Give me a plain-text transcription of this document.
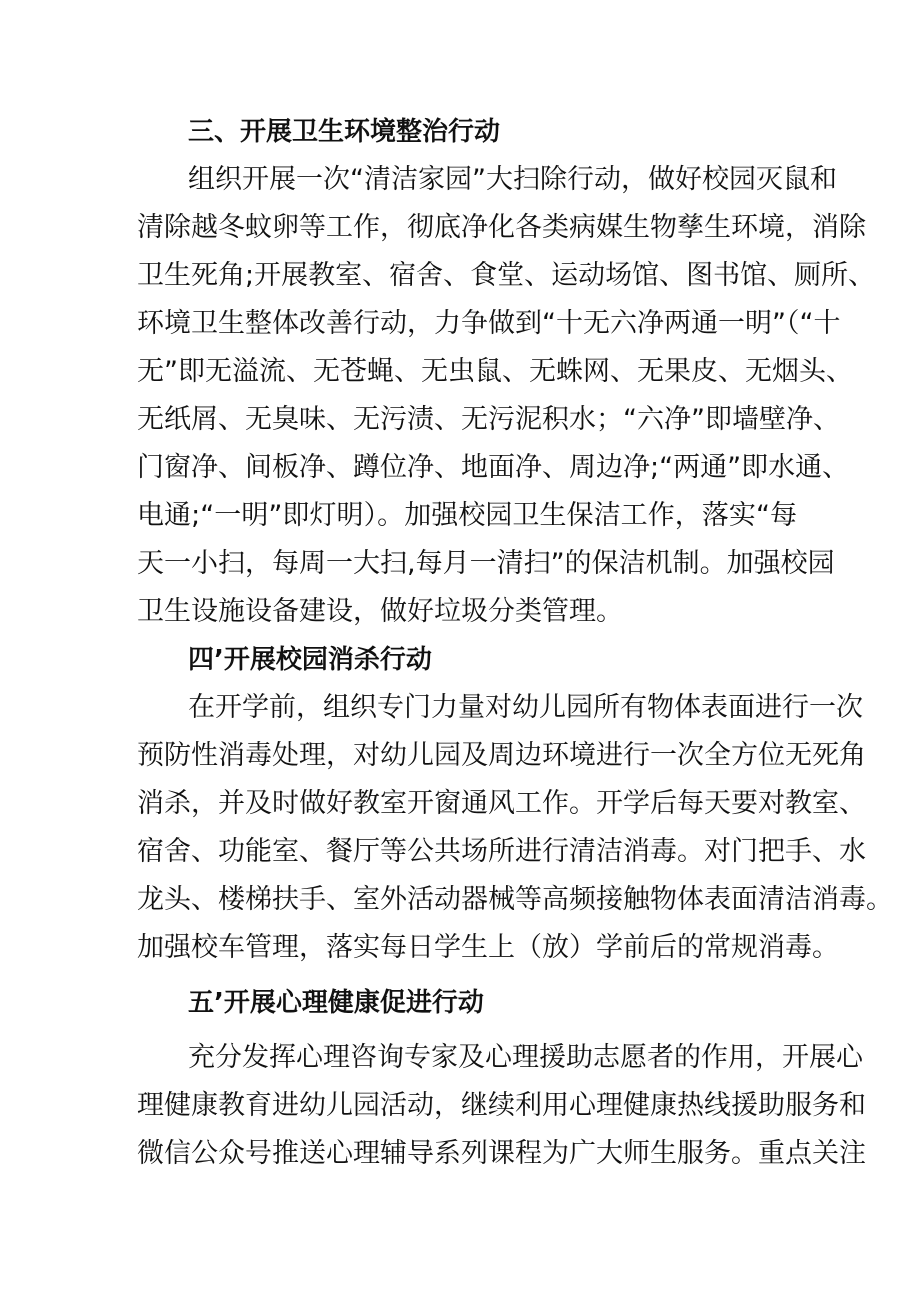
三、开展卫生环境整治行动
组织开展一次“清洁家园”大扫除行动，做好校园灭鼠和
清除越冬蚊卵等工作，彻底净化各类病媒生物孳生环境，消除
卫生死角;开展教室、宿舍、食堂、运动场馆、图书馆、厕所、
环境卫生整体改善行动，力争做到“十无六净两通一明”（“十
无”即无溢流、无苍蝇、无虫鼠、无蛛网、无果皮、无烟头、
无纸屑、无臭味、无污渍、无污泥积水；“六净”即墙壁净、
门窗净、间板净、蹲位净、地面净、周边净;“两通”即水通、
电通;“一明”即灯明）。加强校园卫生保洁工作，落实“每
天一小扫，每周一大扫,每月一清扫”的保洁机制。加强校园
卫生设施设备建设，做好垃圾分类管理。
四’开展校园消杀行动
在开学前，组织专门力量对幼儿园所有物体表面进行一次
预防性消毒处理，对幼儿园及周边环境进行一次全方位无死角
消杀，并及时做好教室开窗通风工作。开学后每天要对教室、
宿舍、功能室、餐厅等公共场所进行清洁消毒。对门把手、水
龙头、楼梯扶手、室外活动器械等高频接触物体表面清洁消毒。
加强校车管理，落实每日学生上（放）学前后的常规消毒。
五’开展心理健康促进行动
充分发挥心理咨询专家及心理援助志愿者的作用，开展心
理健康教育进幼儿园活动，继续利用心理健康热线援助服务和
微信公众号推送心理辅导系列课程为广大师生服务。重点关注
